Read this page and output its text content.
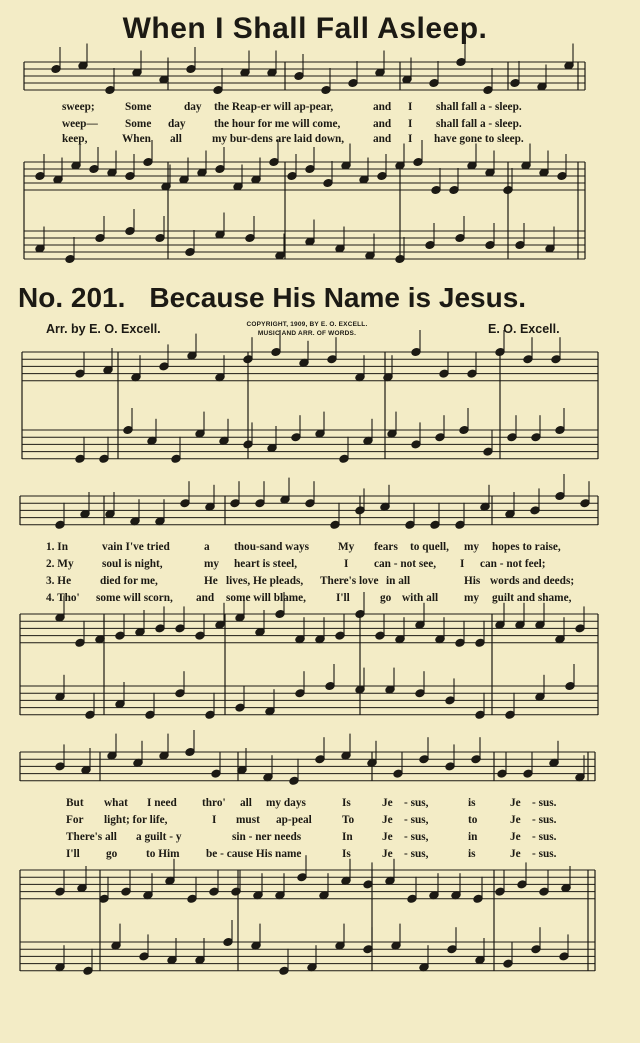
When I Shall Fall Asleep.
sweep;	Some	day the Reap-er will ap-pear,	and I shall fall a - sleep.
weep— Some day	the hour for me will come,	and I shall fall a - sleep.
keep,	When all	my bur-dens are laid down,	and I have gone to sleep.
No. 201. Because His Name is Jesus.
Arr. by E. O. Excell.	COPYRIGHT, 1909, BY E. O. EXCELL.
MUSIC AND ARR. OF WORDS.	E. O. Excell.
1. In	vain I've tried	a thou-sand ways	My fears to quell, my hopes to raise,
2. My	soul is night,	my heart is steel,	I can - not see, I can - not feel;
3. He	died for me,	He lives, He pleads, There's love in all	His words and deeds;
4. Tho' some will scorn, and some will blame,	I'll	go with all my guilt and shame,
But what I need thro' all my days	Is	Je - sus,	is	Je - sus.
For light; for life,	I must ap-peal	To Je - sus,	to	Je - sus.
There's all a guilt - y	sin - ner needs	In	Je - sus,	in	Je - sus.
I'll go	to Him be - cause His name	Is	Je - sus,	is	Je - sus.
